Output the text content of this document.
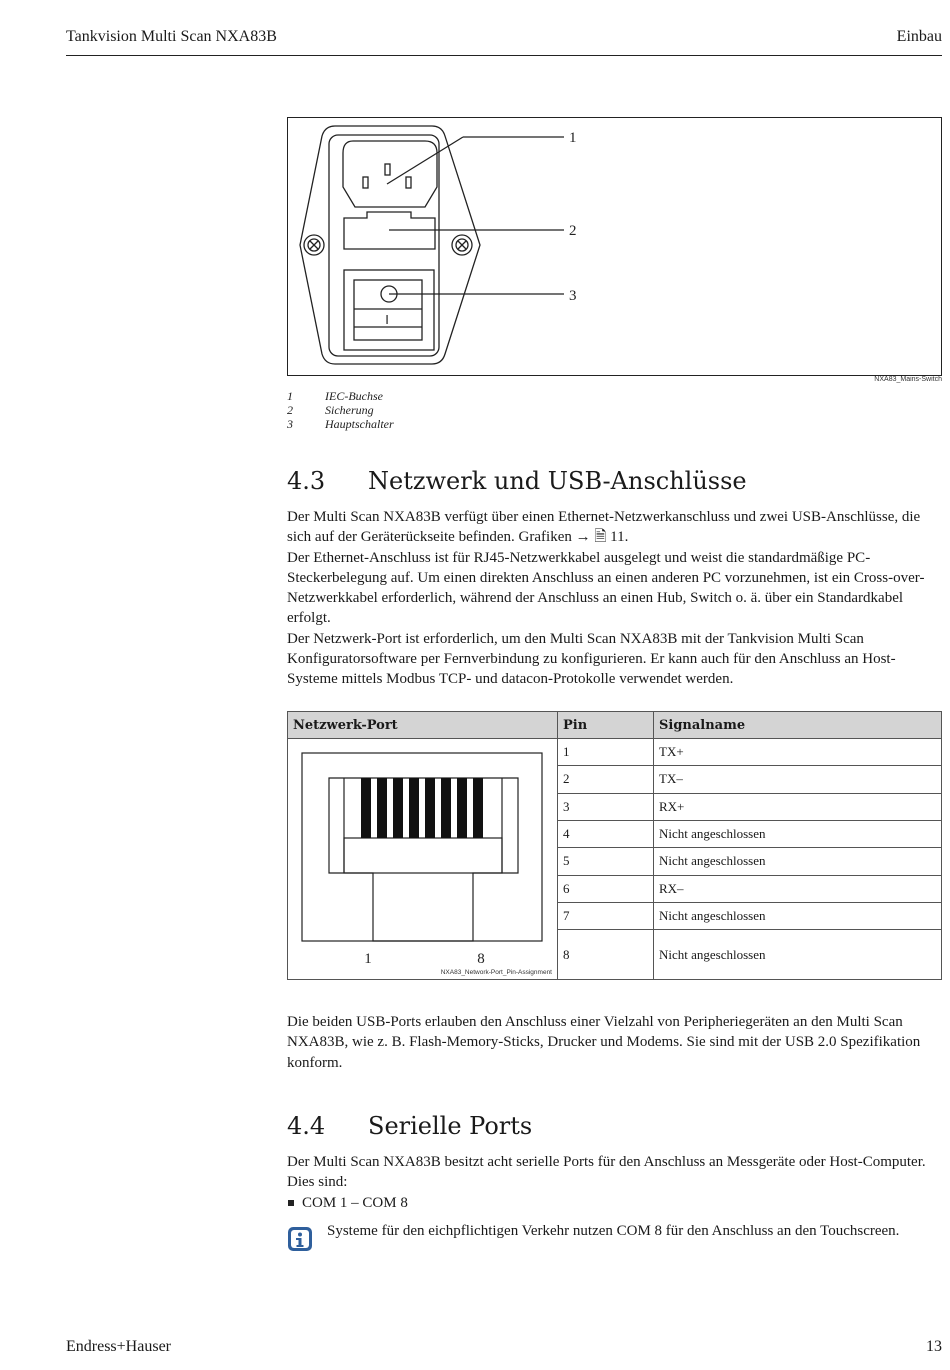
Tankvision Multi Scan NXA83B	Einbau
I
1
2
3
NXA83_Mains-Switch
1	IEC-Buchse
2	Sicherung
3	Hauptschalter
4.3	Netzwerk und USB-Anschlüsse

Der Multi Scan NXA83B verfügt über einen Ethernet-Netzwerkanschluss und zwei USB-Anschlüsse, die sich auf der Geräterückseite befinden. Grafiken → 🗎 11.

Der Ethernet-Anschluss ist für RJ45-Netzwerkkabel ausgelegt und weist die standardmäßige PC-Steckerbelegung auf. Um einen direkten Anschluss an einen anderen PC vorzunehmen, ist ein Cross-over-Netzwerkkabel erforderlich, während der Anschluss an einen Hub, Switch o. ä. über ein Standardkabel erfolgt.

Der Netzwerk-Port ist erforderlich, um den Multi Scan NXA83B mit der Tankvision Multi Scan Konfiguratorsoftware per Fernverbindung zu konfigurieren. Er kann auch für den Anschluss an Host-Systeme mittels Modbus TCP- und datacon-Protokolle verwendet werden.

Netzwerk-Port	Pin	Signalname

1 8
NXA83_Network-Port_Pin-Assignment	1	TX+
	2	TX–
	3	RX+
	4	Nicht angeschlossen
	5	Nicht angeschlossen
	6	RX–
	7	Nicht angeschlossen
	8	Nicht angeschlossen

Die beiden USB-Ports erlauben den Anschluss einer Vielzahl von Peripheriegeräten an den Multi Scan NXA83B, wie z. B. Flash-Memory-Sticks, Drucker und Modems. Sie sind mit der USB 2.0 Spezifikation konform.

4.4	Serielle Ports

Der Multi Scan NXA83B besitzt acht serielle Ports für den Anschluss an Messgeräte oder Host-Computer. Dies sind:

COM 1 – COM 8

Systeme für den eichpflichtigen Verkehr nutzen COM 8 für den Anschluss an den Touchscreen.

Endress+Hauser	13
